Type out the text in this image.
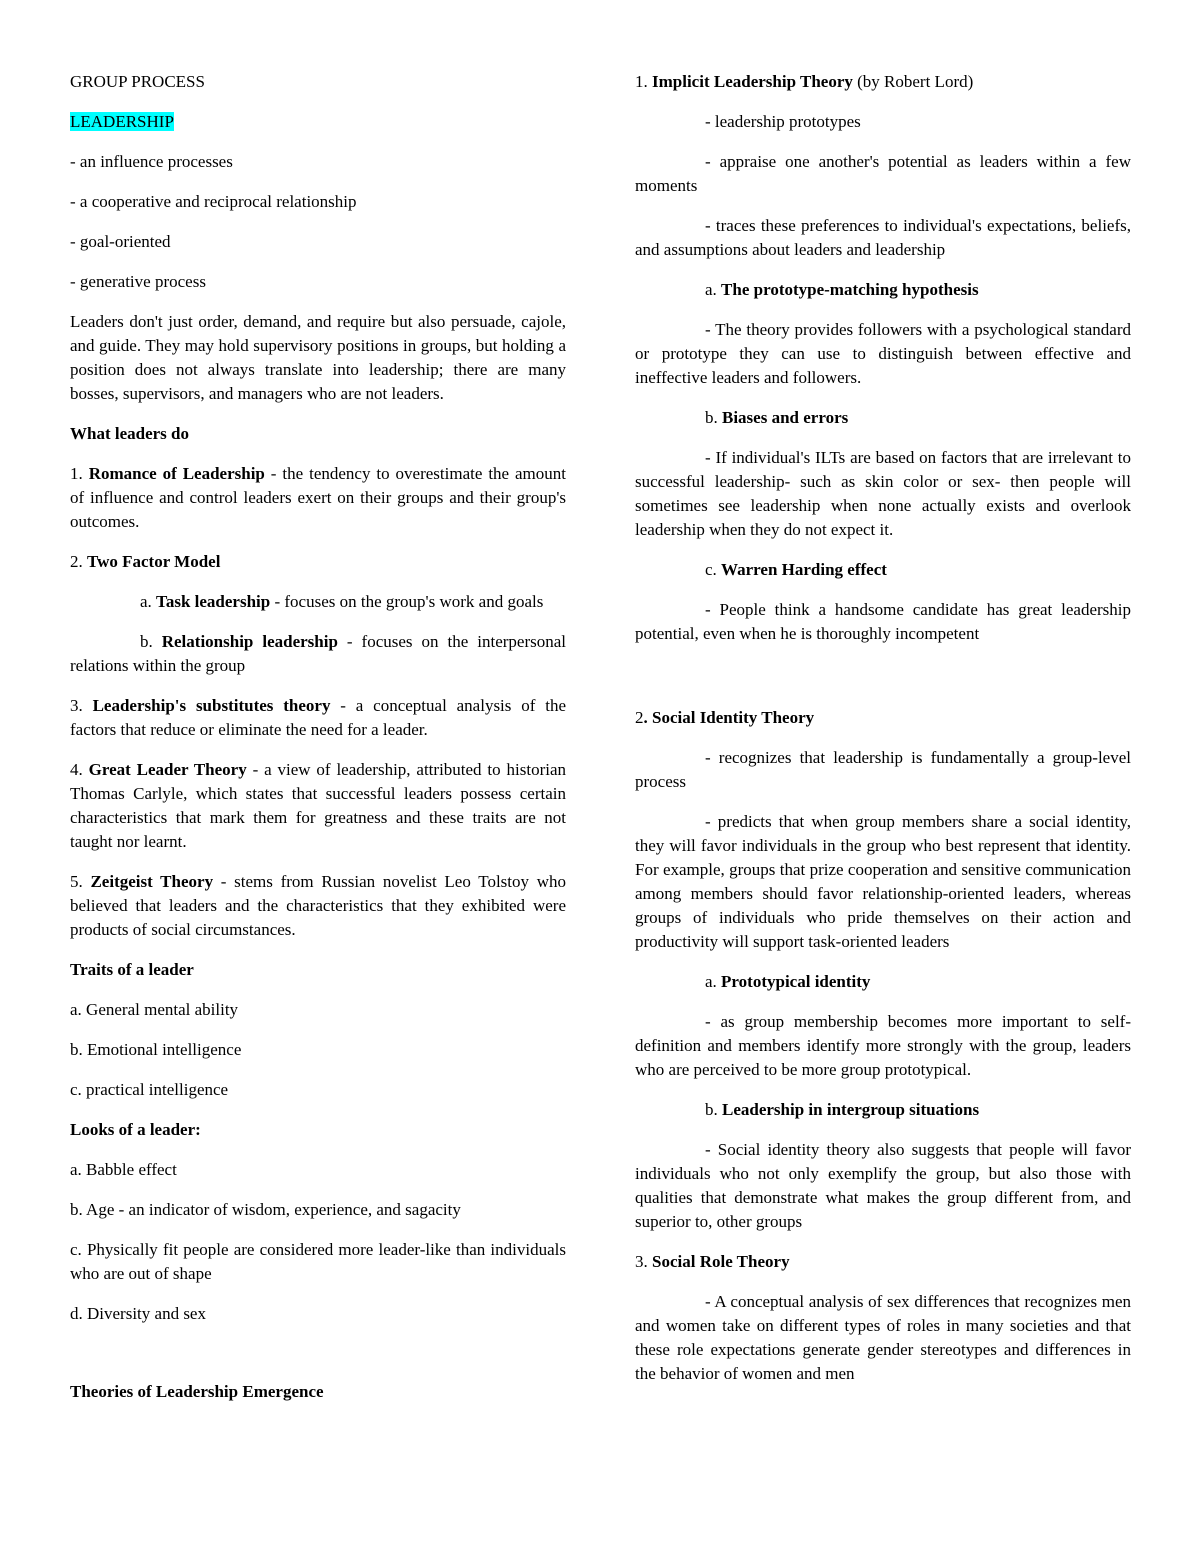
GROUP PROCESS

LEADERSHIP

- an influence processes

- a cooperative and reciprocal relationship

- goal-oriented

- generative process

Leaders don't just order, demand, and require but also persuade, cajole, and guide. They may hold supervisory positions in groups, but holding a position does not always translate into leadership; there are many bosses, supervisors, and managers who are not leaders.

What leaders do

1. Romance of Leadership - the tendency to overestimate the amount of influence and control leaders exert on their groups and their group's outcomes.

2. Two Factor Model

a. Task leadership - focuses on the group's work and goals

b. Relationship leadership - focuses on the interpersonal relations within the group

3. Leadership's substitutes theory - a conceptual analysis of the factors that reduce or eliminate the need for a leader.

4. Great Leader Theory - a view of leadership, attributed to historian Thomas Carlyle, which states that successful leaders possess certain characteristics that mark them for greatness and these traits are not taught nor learnt.

5. Zeitgeist Theory - stems from Russian novelist Leo Tolstoy who believed that leaders and the characteristics that they exhibited were products of social circumstances.

Traits of a leader

a. General mental ability

b. Emotional intelligence

c. practical intelligence

Looks of a leader:

a. Babble effect

b. Age - an indicator of wisdom, experience, and sagacity

c. Physically fit people are considered more leader-like than individuals who are out of shape

d. Diversity and sex

Theories of Leadership Emergence

1. Implicit Leadership Theory (by Robert Lord)

- leadership prototypes

- appraise one another's potential as leaders within a few moments

- traces these preferences to individual's expectations, beliefs, and assumptions about leaders and leadership

a. The prototype-matching hypothesis

- The theory provides followers with a psychological standard or prototype they can use to distinguish between effective and ineffective leaders and followers.

b. Biases and errors

- If individual's ILTs are based on factors that are irrelevant to successful leadership- such as skin color or sex- then people will sometimes see leadership when none actually exists and overlook leadership when they do not expect it.

c. Warren Harding effect

- People think a handsome candidate has great leadership potential, even when he is thoroughly incompetent

2. Social Identity Theory

- recognizes that leadership is fundamentally a group-level process

- predicts that when group members share a social identity, they will favor individuals in the group who best represent that identity. For example, groups that prize cooperation and sensitive communication among members should favor relationship-oriented leaders, whereas groups of individuals who pride themselves on their action and productivity will support task-oriented leaders

a. Prototypical identity

- as group membership becomes more important to self-definition and members identify more strongly with the group, leaders who are perceived to be more group prototypical.

b. Leadership in intergroup situations

- Social identity theory also suggests that people will favor individuals who not only exemplify the group, but also those with qualities that demonstrate what makes the group different from, and superior to, other groups

3. Social Role Theory

- A conceptual analysis of sex differences that recognizes men and women take on different types of roles in many societies and that these role expectations generate gender stereotypes and differences in the behavior of women and men
